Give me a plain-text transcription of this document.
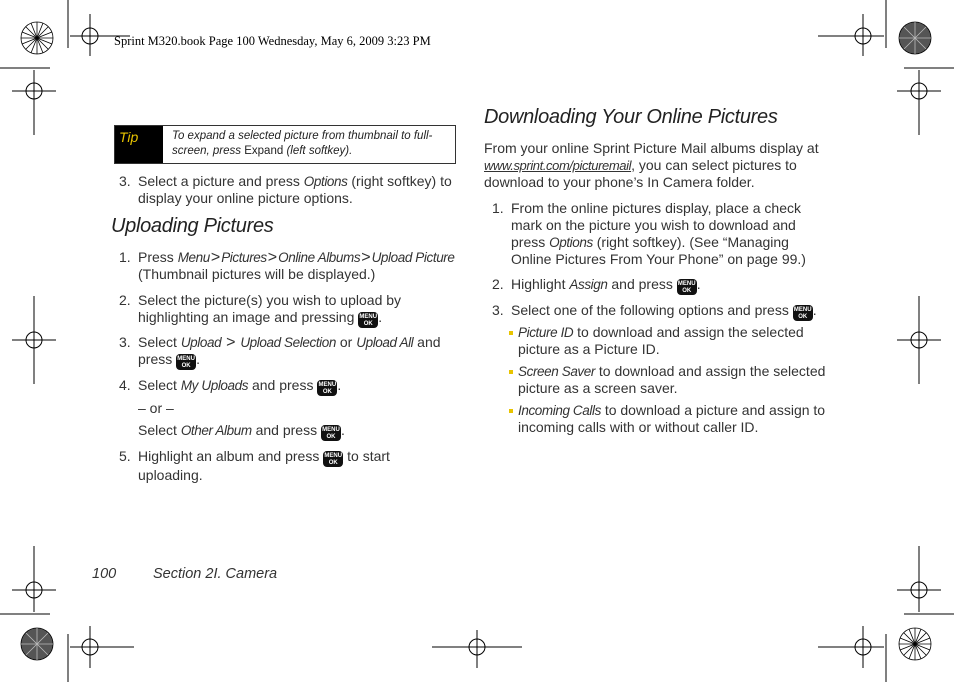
Sprint M320.book Page 100 Wednesday, May 6, 2009 3:23 PM
Tip	To expand a selected picture from thumbnail to full-screen, press Expand (left softkey).
3. Select a picture and press Options (right softkey) to display your online picture options.
Uploading Pictures
1. Press Menu>Pictures>Online Albums>Upload Picture
(Thumbnail pictures will be displayed.)
2. Select the picture(s) you wish to upload by highlighting an image and pressing MENU
OK .
3. Select Upload > Upload Selection or Upload All and
press MENU
OK .
4. Select My Uploads and press MENU
OK .
– or –
Select Other Album and press MENU
OK .
5. Highlight an album and press MENU
OK to start uploading.
Downloading Your Online Pictures
From your online Sprint Picture Mail albums display at
www.sprint.com/picturemail, you can select pictures to download to your phone’s In Camera folder.
1. From the online pictures display, place a check mark on the picture you wish to download and press Options (right softkey). (See “Managing Online Pictures From Your Phone” on page 99.)
2. Highlight Assign and press MENU
OK .
3. Select one of the following options and press MENU
OK .
Picture ID to download and assign the selected picture as a Picture ID.
Screen Saver to download and assign the selected picture as a screen saver.
Incoming Calls to download a picture and assign to incoming calls with or without caller ID.
100	Section 2I. Camera
